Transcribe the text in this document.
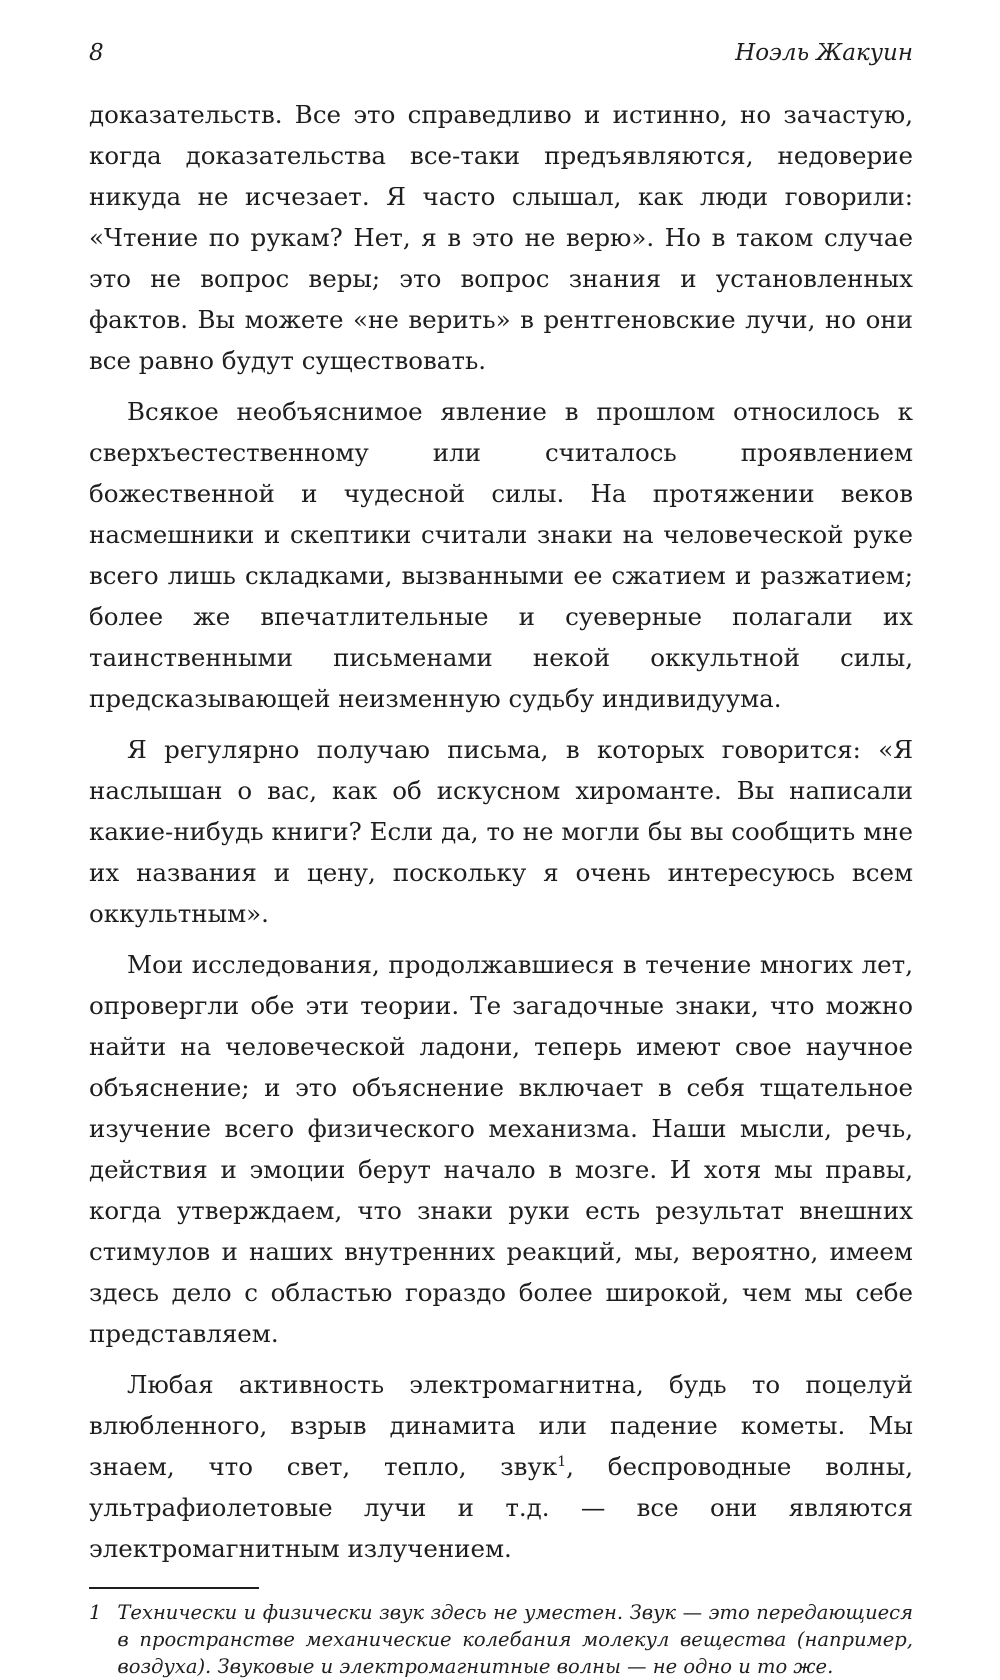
8	Ноэль Жакуин

доказательств. Все это справедливо и истинно, но зачастую, когда доказательства все-таки предъявляются, недоверие никуда не исчезает. Я часто слышал, как люди говорили: «Чтение по рукам? Нет, я в это не верю». Но в таком случае это не вопрос веры; это вопрос знания и установленных фактов. Вы можете «не верить» в рентгеновские лучи, но они все равно будут существовать.

Всякое необъяснимое явление в прошлом относилось к сверхъестественному или считалось проявлением божественной и чудесной силы. На протяжении веков насмешники и скептики считали знаки на человеческой руке всего лишь складками, вызванными ее сжатием и разжатием; более же впечатлительные и суеверные полагали их таинственными письменами некой оккультной силы, предсказывающей неизменную судьбу индивидуума.

Я регулярно получаю письма, в которых говорится: «Я наслышан о вас, как об искусном хироманте. Вы написали какие-нибудь книги? Если да, то не могли бы вы сообщить мне их названия и цену, поскольку я очень интересуюсь всем оккультным».

Мои исследования, продолжавшиеся в течение многих лет, опровергли обе эти теории. Те загадочные знаки, что можно найти на человеческой ладони, теперь имеют свое научное объяснение; и это объяснение включает в себя тщательное изучение всего физического механизма. Наши мысли, речь, действия и эмоции берут начало в мозге. И хотя мы правы, когда утверждаем, что знаки руки есть результат внешних стимулов и наших внутренних реакций, мы, вероятно, имеем здесь дело с областью гораздо более широкой, чем мы себе представляем.

Любая активность электромагнитна, будь то поцелуй влюбленного, взрыв динамита или падение кометы. Мы знаем, что свет, тепло, звук$^1$, беспроводные волны, ультрафиолетовые лучи и т.д. — все они являются электромагнитным излучением.

1 Технически и физически звук здесь не уместен. Звук — это передающиеся в пространстве механические колебания молекул вещества (например, воздуха). Звуковые и электромагнитные волны — не одно и то же.
